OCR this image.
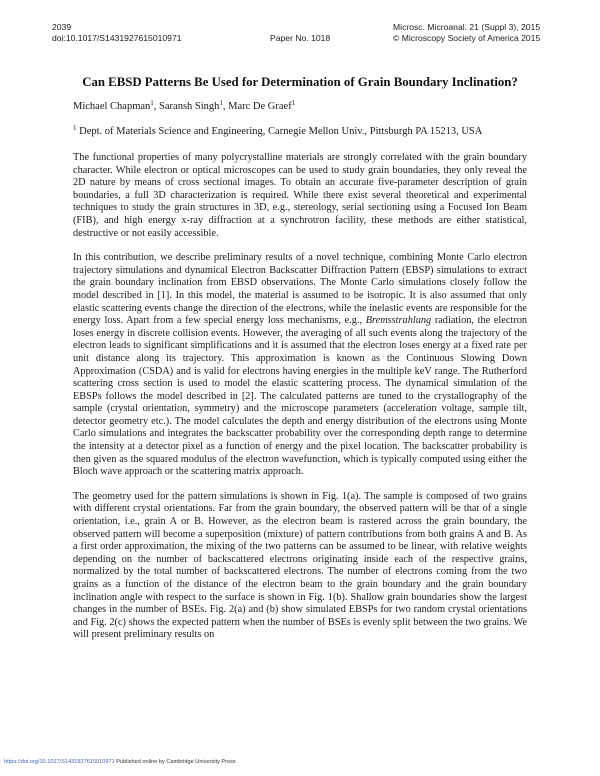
2039
doi:10.1017/S1431927615010971	Paper No. 1018
Microsc. Microanal. 21 (Suppl 3), 2015
© Microscopy Society of America 2015
Can EBSD Patterns Be Used for Determination of Grain Boundary Inclination?
Michael Chapman$^1$, Saransh Singh$^1$, Marc De Graef$^1$
$^1$ Dept. of Materials Science and Engineering, Carnegie Mellon Univ., Pittsburgh PA 15213, USA

The functional properties of many polycrystalline materials are strongly correlated with the grain boundary character. While electron or optical microscopes can be used to study grain boundaries, they only reveal the 2D nature by means of cross sectional images. To obtain an accurate five-parameter description of grain boundaries, a full 3D characterization is required. While there exist several theoretical and experimental techniques to study the grain structures in 3D, e.g., stereology, serial sectioning using a Focused Ion Beam (FIB), and high energy x-ray diffraction at a synchrotron facility, these methods are either statistical, destructive or not easily accessible.

In this contribution, we describe preliminary results of a novel technique, combining Monte Carlo electron trajectory simulations and dynamical Electron Backscatter Diffraction Pattern (EBSP) simulations to extract the grain boundary inclination from EBSD observations. The Monte Carlo simulations closely follow the model described in [1]. In this model, the material is assumed to be isotropic. It is also assumed that only elastic scattering events change the direction of the electrons, while the inelastic events are responsible for the energy loss. Apart from a few special energy loss mechanisms, e.g., Bremsstrahlung radiation, the electron loses energy in discrete collision events. However, the averaging of all such events along the trajectory of the electron leads to significant simplifications and it is assumed that the electron loses energy at a fixed rate per unit distance along its trajectory. This approximation is known as the Continuous Slowing Down Approximation (CSDA) and is valid for electrons having energies in the multiple keV range. The Rutherford scattering cross section is used to model the elastic scattering process. The dynamical simulation of the EBSPs follows the model described in [2]. The calculated patterns are tuned to the crystallography of the sample (crystal orientation, symmetry) and the microscope parameters (acceleration voltage, sample tilt, detector geometry etc.). The model calculates the depth and energy distribution of the electrons using Monte Carlo simulations and integrates the backscatter probability over the corresponding depth range to determine the intensity at a detector pixel as a function of energy and the pixel location. The backscatter probability is then given as the squared modulus of the electron wavefunction, which is typically computed using either the Bloch wave approach or the scattering matrix approach.

The geometry used for the pattern simulations is shown in Fig. 1(a). The sample is composed of two grains with different crystal orientations. Far from the grain boundary, the observed pattern will be that of a single orientation, i.e., grain A or B. However, as the electron beam is rastered across the grain boundary, the observed pattern will become a superposition (mixture) of pattern contributions from both grains A and B. As a first order approximation, the mixing of the two patterns can be assumed to be linear, with relative weights depending on the number of backscattered electrons originating inside each of the respective grains, normalized by the total number of backscattered electrons. The number of electrons coming from the two grains as a function of the distance of the electron beam to the grain boundary and the grain boundary inclination angle with respect to the surface is shown in Fig. 1(b). Shallow grain boundaries show the largest changes in the number of BSEs. Fig. 2(a) and (b) show simulated EBSPs for two random crystal orientations and Fig. 2(c) shows the expected pattern when the number of BSEs is evenly split between the two grains. We will present preliminary results on

https://doi.org/10.1017/S1431927615010971 Published online by Cambridge University Press
